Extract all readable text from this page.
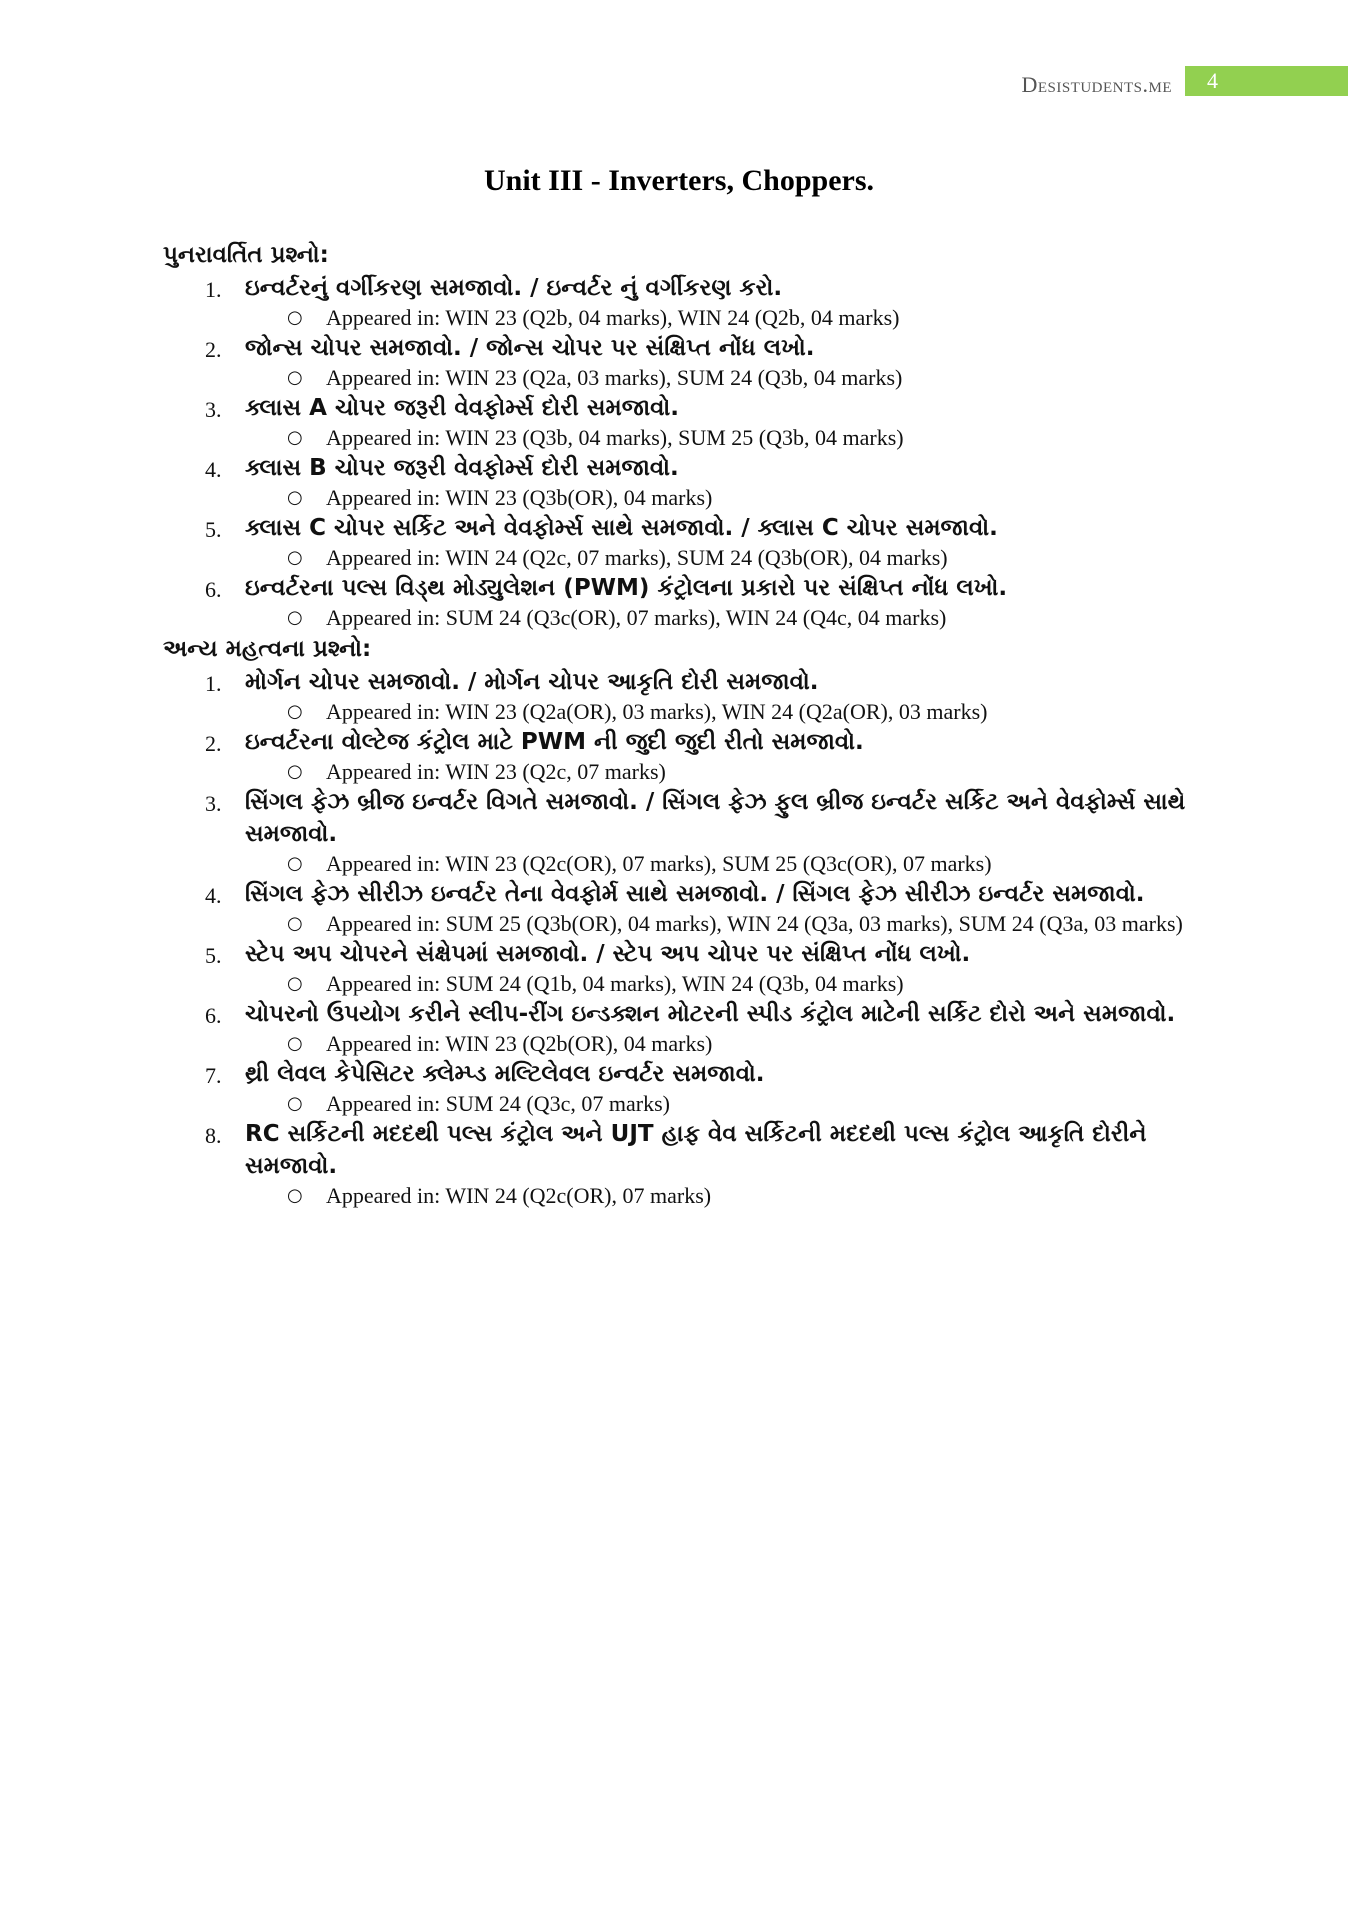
Desistudents.me	4
Unit III - Inverters, Choppers.

પુનરાવર્તિત પ્રશ્નો:

1. ઇન્વર્ટરનું વર્ગીકરણ સમજાવો. / ઇન્વર્ટર નું વર્ગીકરણ કરો.
○ Appeared in: WIN 23 (Q2b, 04 marks), WIN 24 (Q2b, 04 marks)
2. જોન્સ ચોપર સમજાવો. / જોન્સ ચોપર પર સંક્ષિપ્ત નોંધ લખો.
○ Appeared in: WIN 23 (Q2a, 03 marks), SUM 24 (Q3b, 04 marks)
3. ક્લાસ A ચોપર જરૂરી વેવફોર્મ્સ દોરી સમજાવો.
○ Appeared in: WIN 23 (Q3b, 04 marks), SUM 25 (Q3b, 04 marks)
4. ક્લાસ B ચોપર જરૂરી વેવફોર્મ્સ દોરી સમજાવો.
○ Appeared in: WIN 23 (Q3b(OR), 04 marks)
5. ક્લાસ C ચોપર સર્કિટ અને વેવફોર્મ્સ સાથે સમજાવો. / ક્લાસ C ચોપર સમજાવો.
○ Appeared in: WIN 24 (Q2c, 07 marks), SUM 24 (Q3b(OR), 04 marks)
6. ઇન્વર્ટરના પલ્સ વિડ્થ મોડ્યુલેશન (PWM) કંટ્રોલના પ્રકારો પર સંક્ષિપ્ત નોંધ લખો.
○ Appeared in: SUM 24 (Q3c(OR), 07 marks), WIN 24 (Q4c, 04 marks)

અન્ય મહત્વના પ્રશ્નો:

1. મોર્ગન ચોપર સમજાવો. / મોર્ગન ચોપર આકૃતિ દોરી સમજાવો.
○ Appeared in: WIN 23 (Q2a(OR), 03 marks), WIN 24 (Q2a(OR), 03 marks)
2. ઇન્વર્ટરના વોલ્ટેજ કંટ્રોલ માટે PWM ની જુદી જુદી રીતો સમજાવો.
○ Appeared in: WIN 23 (Q2c, 07 marks)
3. સિંગલ ફેઝ બ્રીજ ઇન્વર્ટર વિગતે સમજાવો. / સિંગલ ફેઝ ફુલ બ્રીજ ઇન્વર્ટર સર્કિટ અને વેવફોર્મ્સ સાથે સમજાવો.
○ Appeared in: WIN 23 (Q2c(OR), 07 marks), SUM 25 (Q3c(OR), 07 marks)
4. સિંગલ ફેઝ સીરીઝ ઇન્વર્ટર તેના વેવફોર્મ સાથે સમજાવો. / સિંગલ ફેઝ સીરીઝ ઇન્વર્ટર સમજાવો.
○ Appeared in: SUM 25 (Q3b(OR), 04 marks), WIN 24 (Q3a, 03 marks), SUM 24 (Q3a, 03 marks)
5. સ્ટેપ અપ ચોપરને સંક્ષેપમાં સમજાવો. / સ્ટેપ અપ ચોપર પર સંક્ષિપ્ત નોંધ લખો.
○ Appeared in: SUM 24 (Q1b, 04 marks), WIN 24 (Q3b, 04 marks)
6. ચોપરનો ઉપયોગ કરીને સ્લીપ-રીંગ ઇન્ડક્શન મોટરની સ્પીડ કંટ્રોલ માટેની સર્કિટ દોરો અને સમજાવો.
○ Appeared in: WIN 23 (Q2b(OR), 04 marks)
7. થ્રી લેવલ કેપેસિટર ક્લેમ્પ્ડ મલ્ટિલેવલ ઇન્વર્ટર સમજાવો.
○ Appeared in: SUM 24 (Q3c, 07 marks)
8. RC સર્કિટની મદદથી પલ્સ કંટ્રોલ અને UJT હાફ વેવ સર્કિટની મદદથી પલ્સ કંટ્રોલ આકૃતિ દોરીને સમજાવો.
○ Appeared in: WIN 24 (Q2c(OR), 07 marks)
